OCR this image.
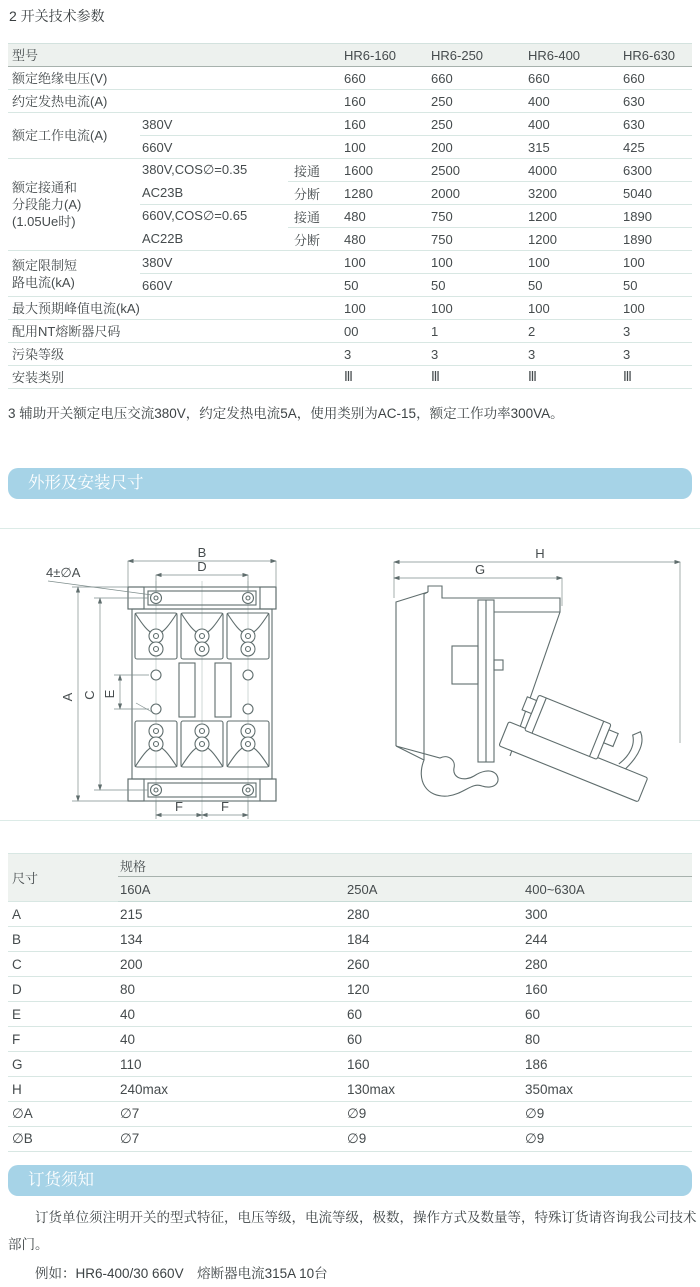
2 开关技术参数
型号			HR6-160	HR6-250	HR6-400	HR6-630
额定绝缘电压(V)			660	660	660	660
约定发热电流(A)			160	250	400	630
额定工作电流(A)	380V		160	250	400	630
	660V		100	200	315	425
额定接通和分段能力(A)(1.05Ue时)	380V,COS∅=0.35	接通	1600	2500	4000	6300
	AC23B	分断	1280	2000	3200	5040
	660V,COS∅=0.65	接通	480	750	1200	1890
	AC22B	分断	480	750	1200	1890
额定限制短路电流(kA)	380V		100	100	100	100
	660V		50	50	50	50
最大预期峰值电流(kA)			100	100	100	100
配用NT熔断器尺码			00	1	2	3
污染等级			3	3	3	3
安装类别			Ⅲ	Ⅲ	Ⅲ	Ⅲ

3 辅助开关额定电压交流380V，约定发热电流5A，使用类别为AC-15，额定工作功率300VA。

外形及安装尺寸
B
D
4±∅A
A C E
F	F
H
G
尺寸	规格		
	160A	250A	400~630A
A	215	280	300
B	134	184	244
C	200	260	280
D	80	120	160
E	40	60	60
F	40	60	80
G	110	160	186
H	240max	130max	350max
∅A	∅7	∅9	∅9
∅B	∅7	∅9	∅9
订货须知

订货单位须注明开关的型式特征，电压等级，电流等级，极数，操作方式及数量等，特殊订货请咨询我公司技术部门。

例如：HR6-400/30 660V　熔断器电流315A 10台
